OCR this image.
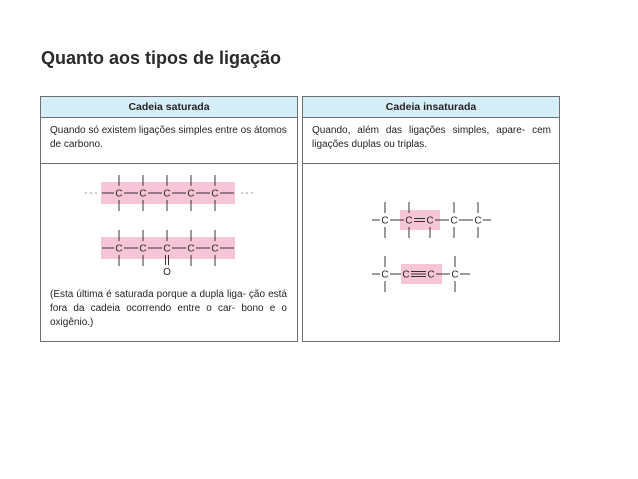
Quanto aos tipos de ligação
Cadeia saturada
Quando só existem ligações simples entre os átomos de carbono.
C C C C C
C C C C C
O
(Esta última é saturada porque a dupla liga- ção está fora da cadeia ocorrendo entre o car- bono e o oxigênio.)
Cadeia insaturada
Quando, além das ligações simples, apare- cem ligações duplas ou triplas.
C C C C C
C C C C
